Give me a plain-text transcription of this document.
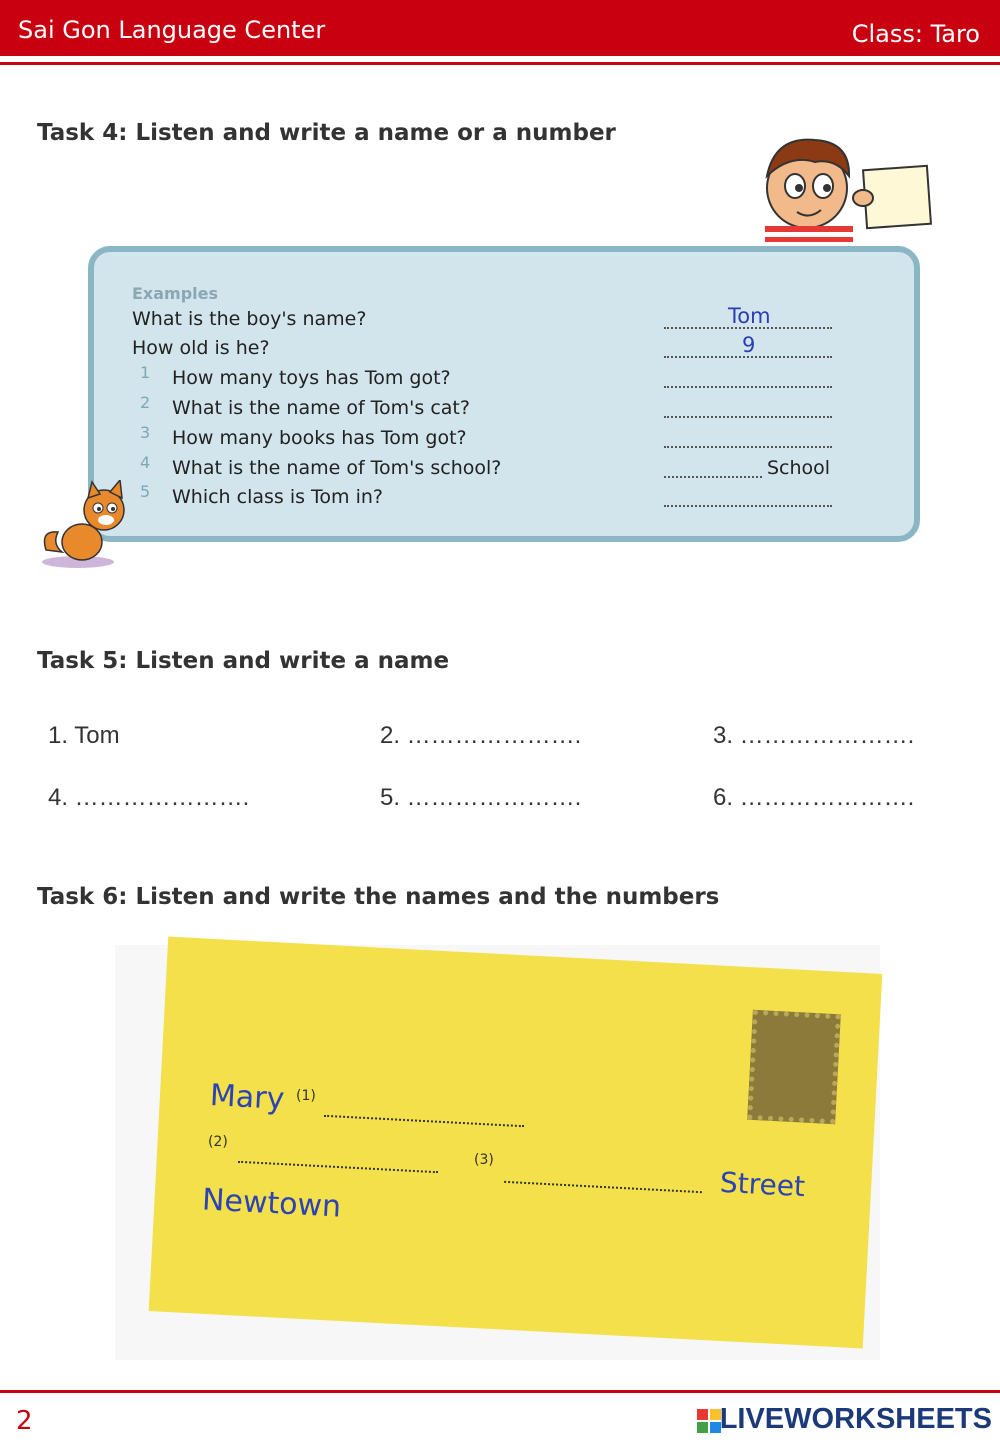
Sai Gon Language Center	Class: Taro
Task 4: Listen and write a name or a number
Examples
What is the boy's name?	Tom
How old is he?	9
1 How many toys has Tom got?
2 What is the name of Tom's cat?
3 How many books has Tom got?
4 What is the name of Tom's school?	School
5 Which class is Tom in?
Task 5: Listen and write a name
1. Tom	2. ………………….	3. ………………….
4. ………………….	5. ………………….	6. ………………….
Task 6: Listen and write the names and the numbers
Mary (1)
(2)
(3)
Street
Newtown
2	LIVEWORKSHEETS
